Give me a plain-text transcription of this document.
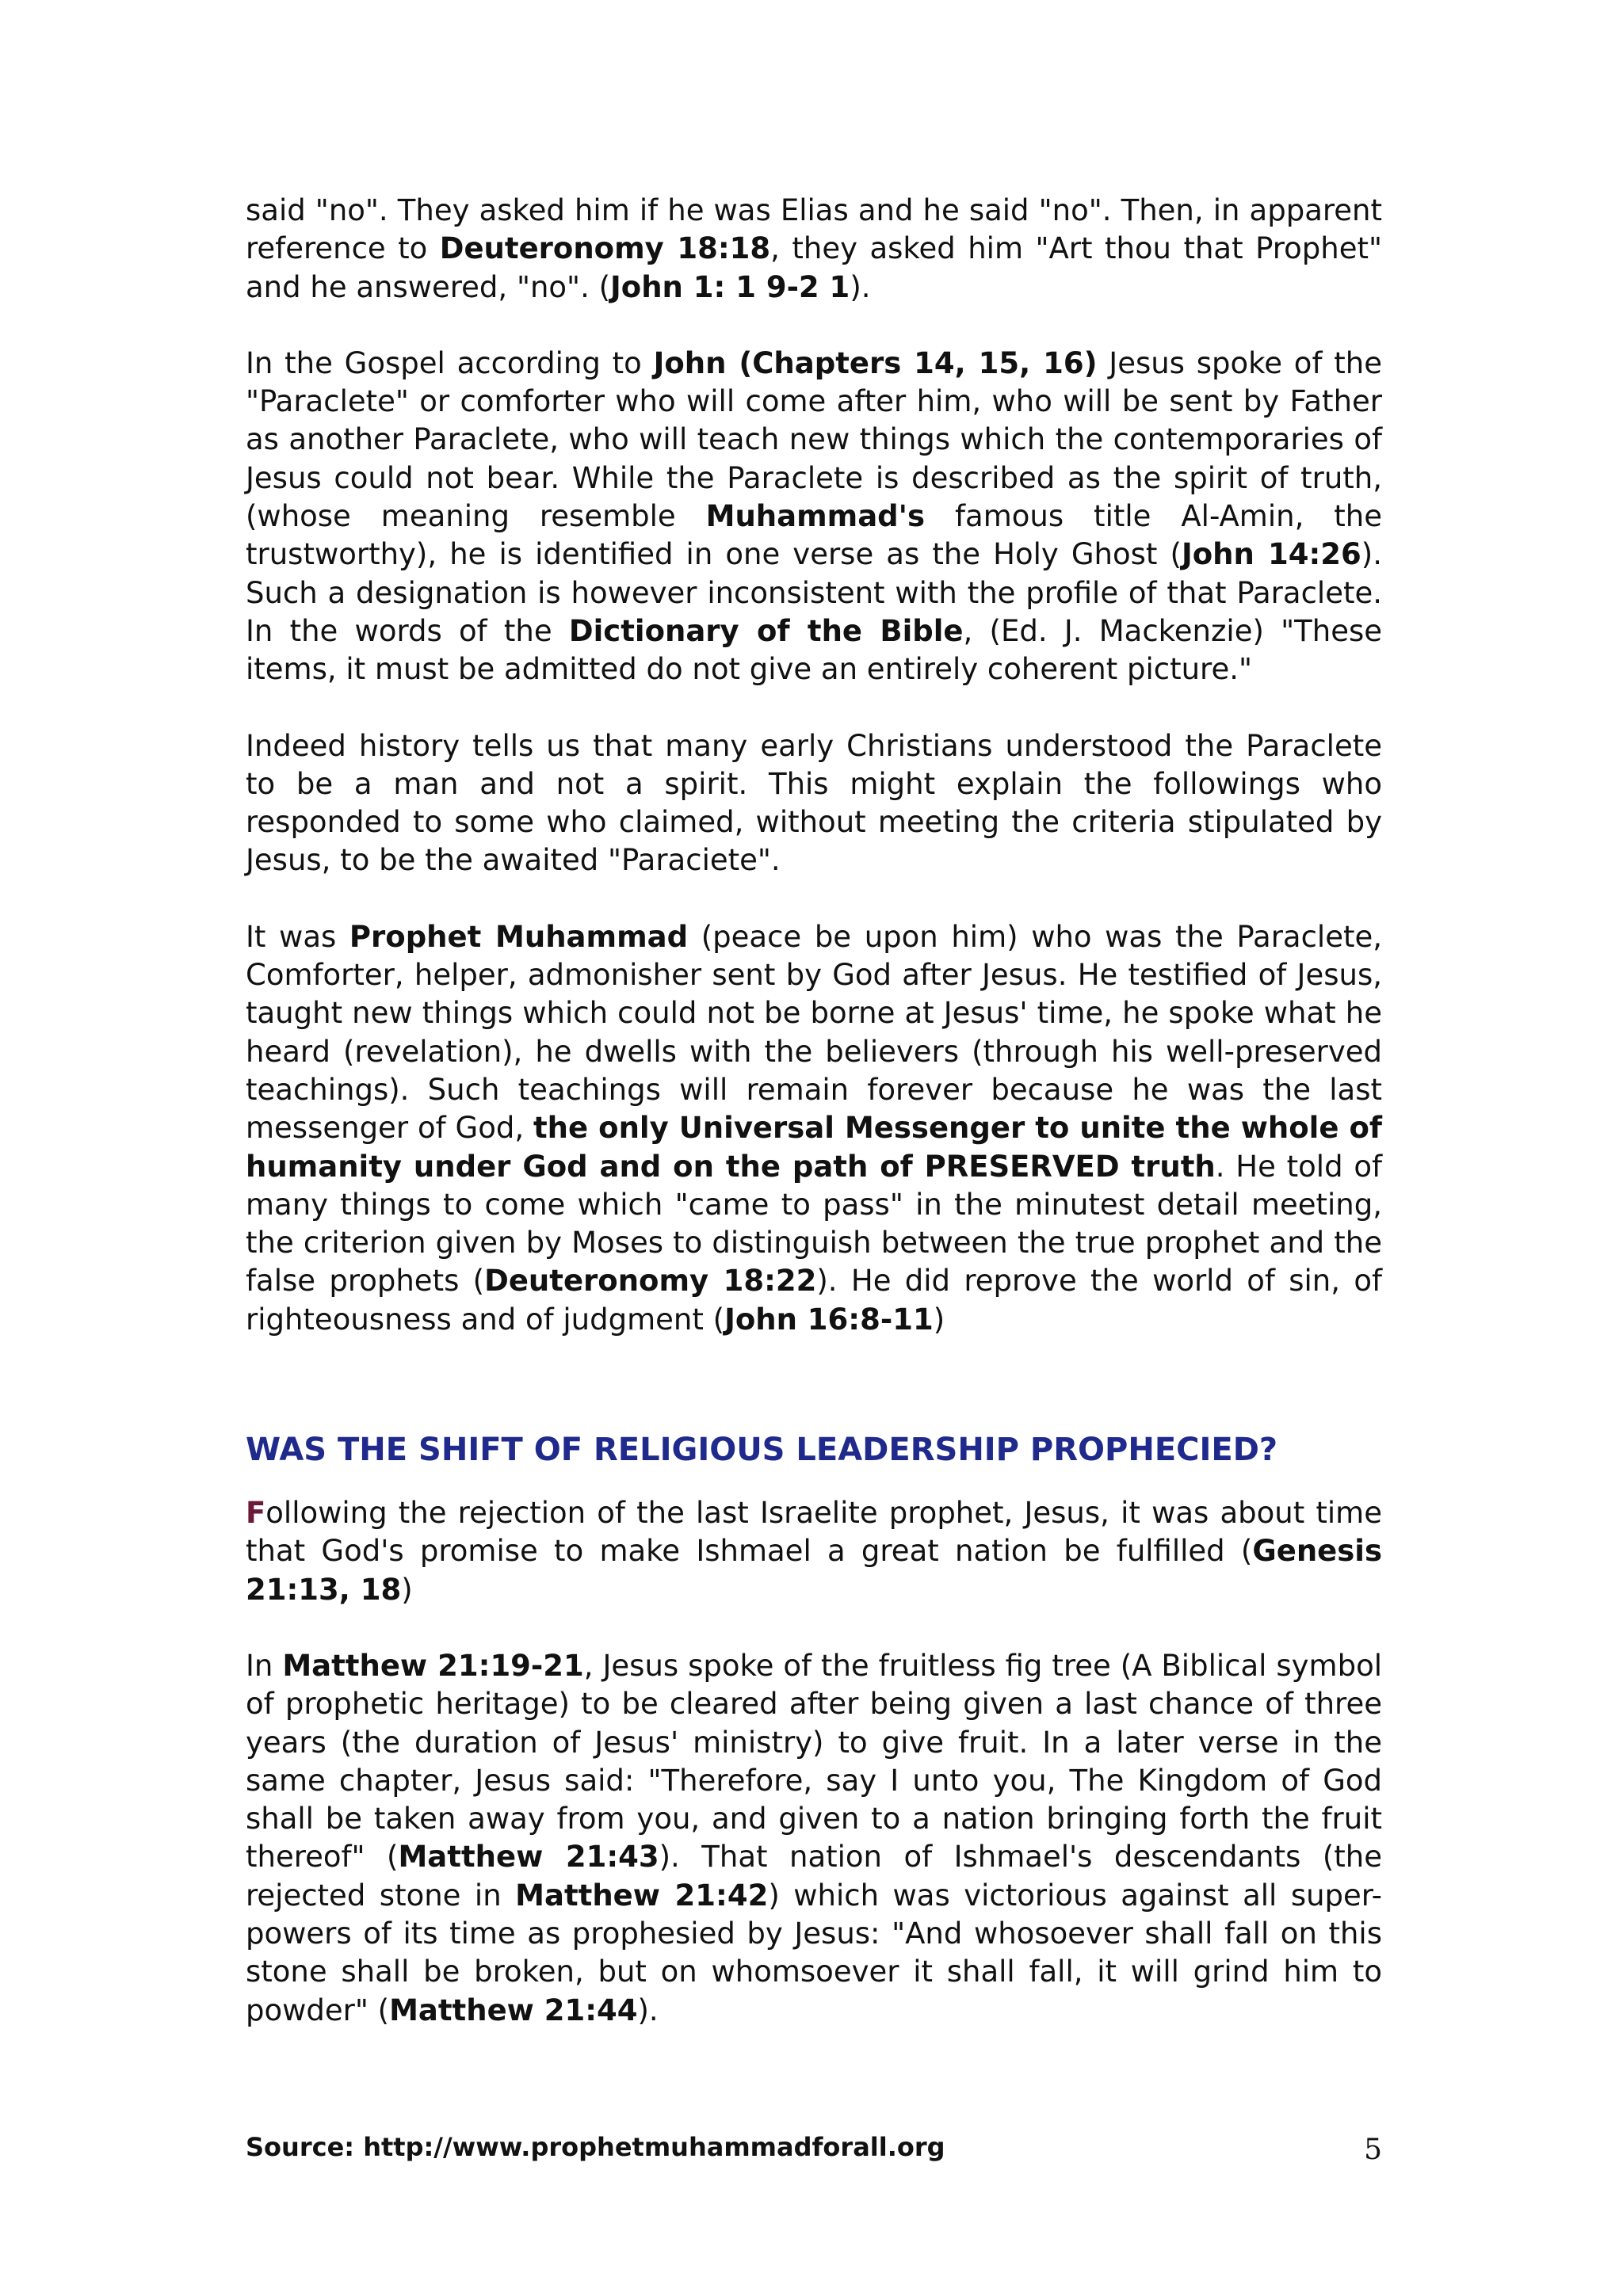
said "no". They asked him if he was Elias and he said "no". Then, in apparent reference to Deuteronomy 18:18, they asked him "Art thou that Prophet" and he answered, "no". (John 1: 1 9-2 1).

In the Gospel according to John (Chapters 14, 15, 16) Jesus spoke of the "Paraclete" or comforter who will come after him, who will be sent by Father as another Paraclete, who will teach new things which the contemporaries of Jesus could not bear. While the Paraclete is described as the spirit of truth, (whose meaning resemble Muhammad's famous title Al-Amin, the trustworthy), he is identified in one verse as the Holy Ghost (John 14:26). Such a designation is however inconsistent with the profile of that Paraclete. In the words of the Dictionary of the Bible, (Ed. J. Mackenzie) "These items, it must be admitted do not give an entirely coherent picture."

Indeed history tells us that many early Christians understood the Paraclete to be a man and not a spirit. This might explain the followings who responded to some who claimed, without meeting the criteria stipulated by Jesus, to be the awaited "Paraciete".

It was Prophet Muhammad (peace be upon him) who was the Paraclete, Comforter, helper, admonisher sent by God after Jesus. He testified of Jesus, taught new things which could not be borne at Jesus' time, he spoke what he heard (revelation), he dwells with the believers (through his well-preserved teachings). Such teachings will remain forever because he was the last messenger of God, the only Universal Messenger to unite the whole of humanity under God and on the path of PRESERVED truth. He told of many things to come which "came to pass" in the minutest detail meeting, the criterion given by Moses to distinguish between the true prophet and the false prophets (Deuteronomy 18:22). He did reprove the world of sin, of righteousness and of judgment (John 16:8-11)

WAS THE SHIFT OF RELIGIOUS LEADERSHIP PROPHECIED?

Following the rejection of the last Israelite prophet, Jesus, it was about time that God's promise to make Ishmael a great nation be fulfilled (Genesis 21:13, 18)

In Matthew 21:19-21, Jesus spoke of the fruitless fig tree (A Biblical symbol of prophetic heritage) to be cleared after being given a last chance of three years (the duration of Jesus' ministry) to give fruit. In a later verse in the same chapter, Jesus said: "Therefore, say I unto you, The Kingdom of God shall be taken away from you, and given to a nation bringing forth the fruit thereof" (Matthew 21:43). That nation of Ishmael's descendants (the rejected stone in Matthew 21:42) which was victorious against all super-powers of its time as prophesied by Jesus: "And whosoever shall fall on this stone shall be broken, but on whomsoever it shall fall, it will grind him to powder" (Matthew 21:44).

Source: http://www.prophetmuhammadforall.org	5
